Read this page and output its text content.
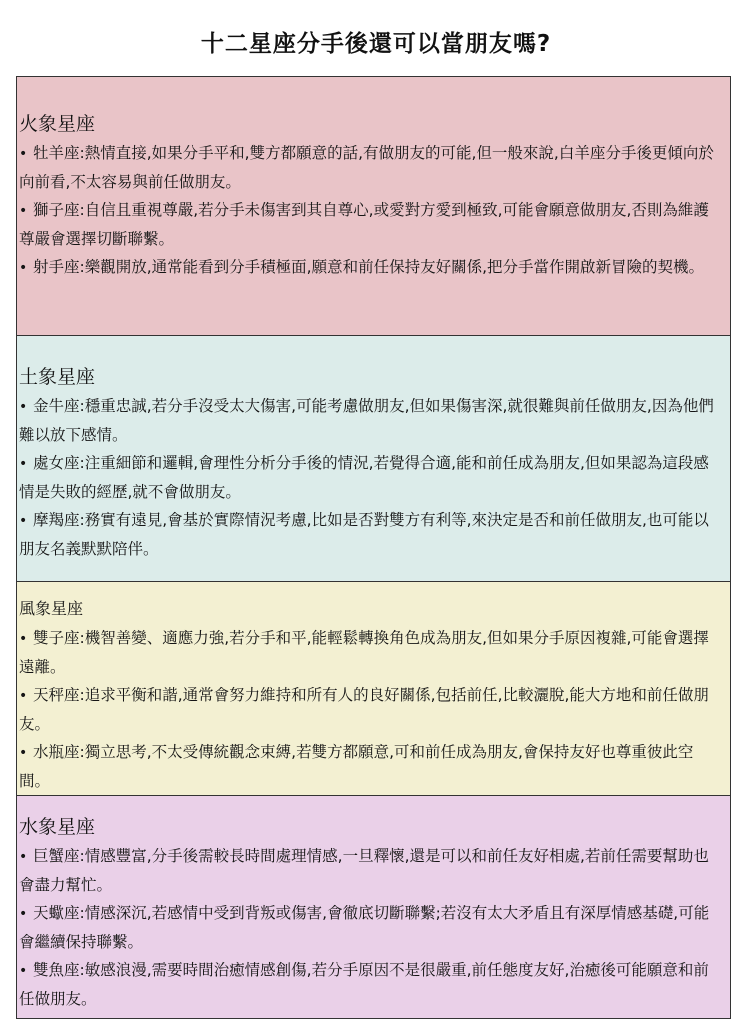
十二星座分手後還可以當朋友嗎?
火象星座

• 牡羊座:熱情直接,如果分手平和,雙方都願意的話,有做朋友的可能,但一般來說,白羊座分手後更傾向於向前看,不太容易與前任做朋友。

• 獅子座:自信且重視尊嚴,若分手未傷害到其自尊心,或愛對方愛到極致,可能會願意做朋友,否則為維護尊嚴會選擇切斷聯繫。

• 射手座:樂觀開放,通常能看到分手積極面,願意和前任保持友好關係,把分手當作開啟新冒險的契機。

土象星座

• 金牛座:穩重忠誠,若分手沒受太大傷害,可能考慮做朋友,但如果傷害深,就很難與前任做朋友,因為他們難以放下感情。

• 處女座:注重細節和邏輯,會理性分析分手後的情況,若覺得合適,能和前任成為朋友,但如果認為這段感情是失敗的經歷,就不會做朋友。

• 摩羯座:務實有遠見,會基於實際情況考慮,比如是否對雙方有利等,來決定是否和前任做朋友,也可能以朋友名義默默陪伴。

風象星座

• 雙子座:機智善變、適應力強,若分手和平,能輕鬆轉換角色成為朋友,但如果分手原因複雜,可能會選擇遠離。

• 天秤座:追求平衡和諧,通常會努力維持和所有人的良好關係,包括前任,比較灑脫,能大方地和前任做朋友。

• 水瓶座:獨立思考,不太受傳統觀念束縛,若雙方都願意,可和前任成為朋友,會保持友好也尊重彼此空間。

水象星座

• 巨蟹座:情感豐富,分手後需較長時間處理情感,一旦釋懷,還是可以和前任友好相處,若前任需要幫助也會盡力幫忙。

• 天蠍座:情感深沉,若感情中受到背叛或傷害,會徹底切斷聯繫;若沒有太大矛盾且有深厚情感基礎,可能會繼續保持聯繫。

• 雙魚座:敏感浪漫,需要時間治癒情感創傷,若分手原因不是很嚴重,前任態度友好,治癒後可能願意和前任做朋友。
